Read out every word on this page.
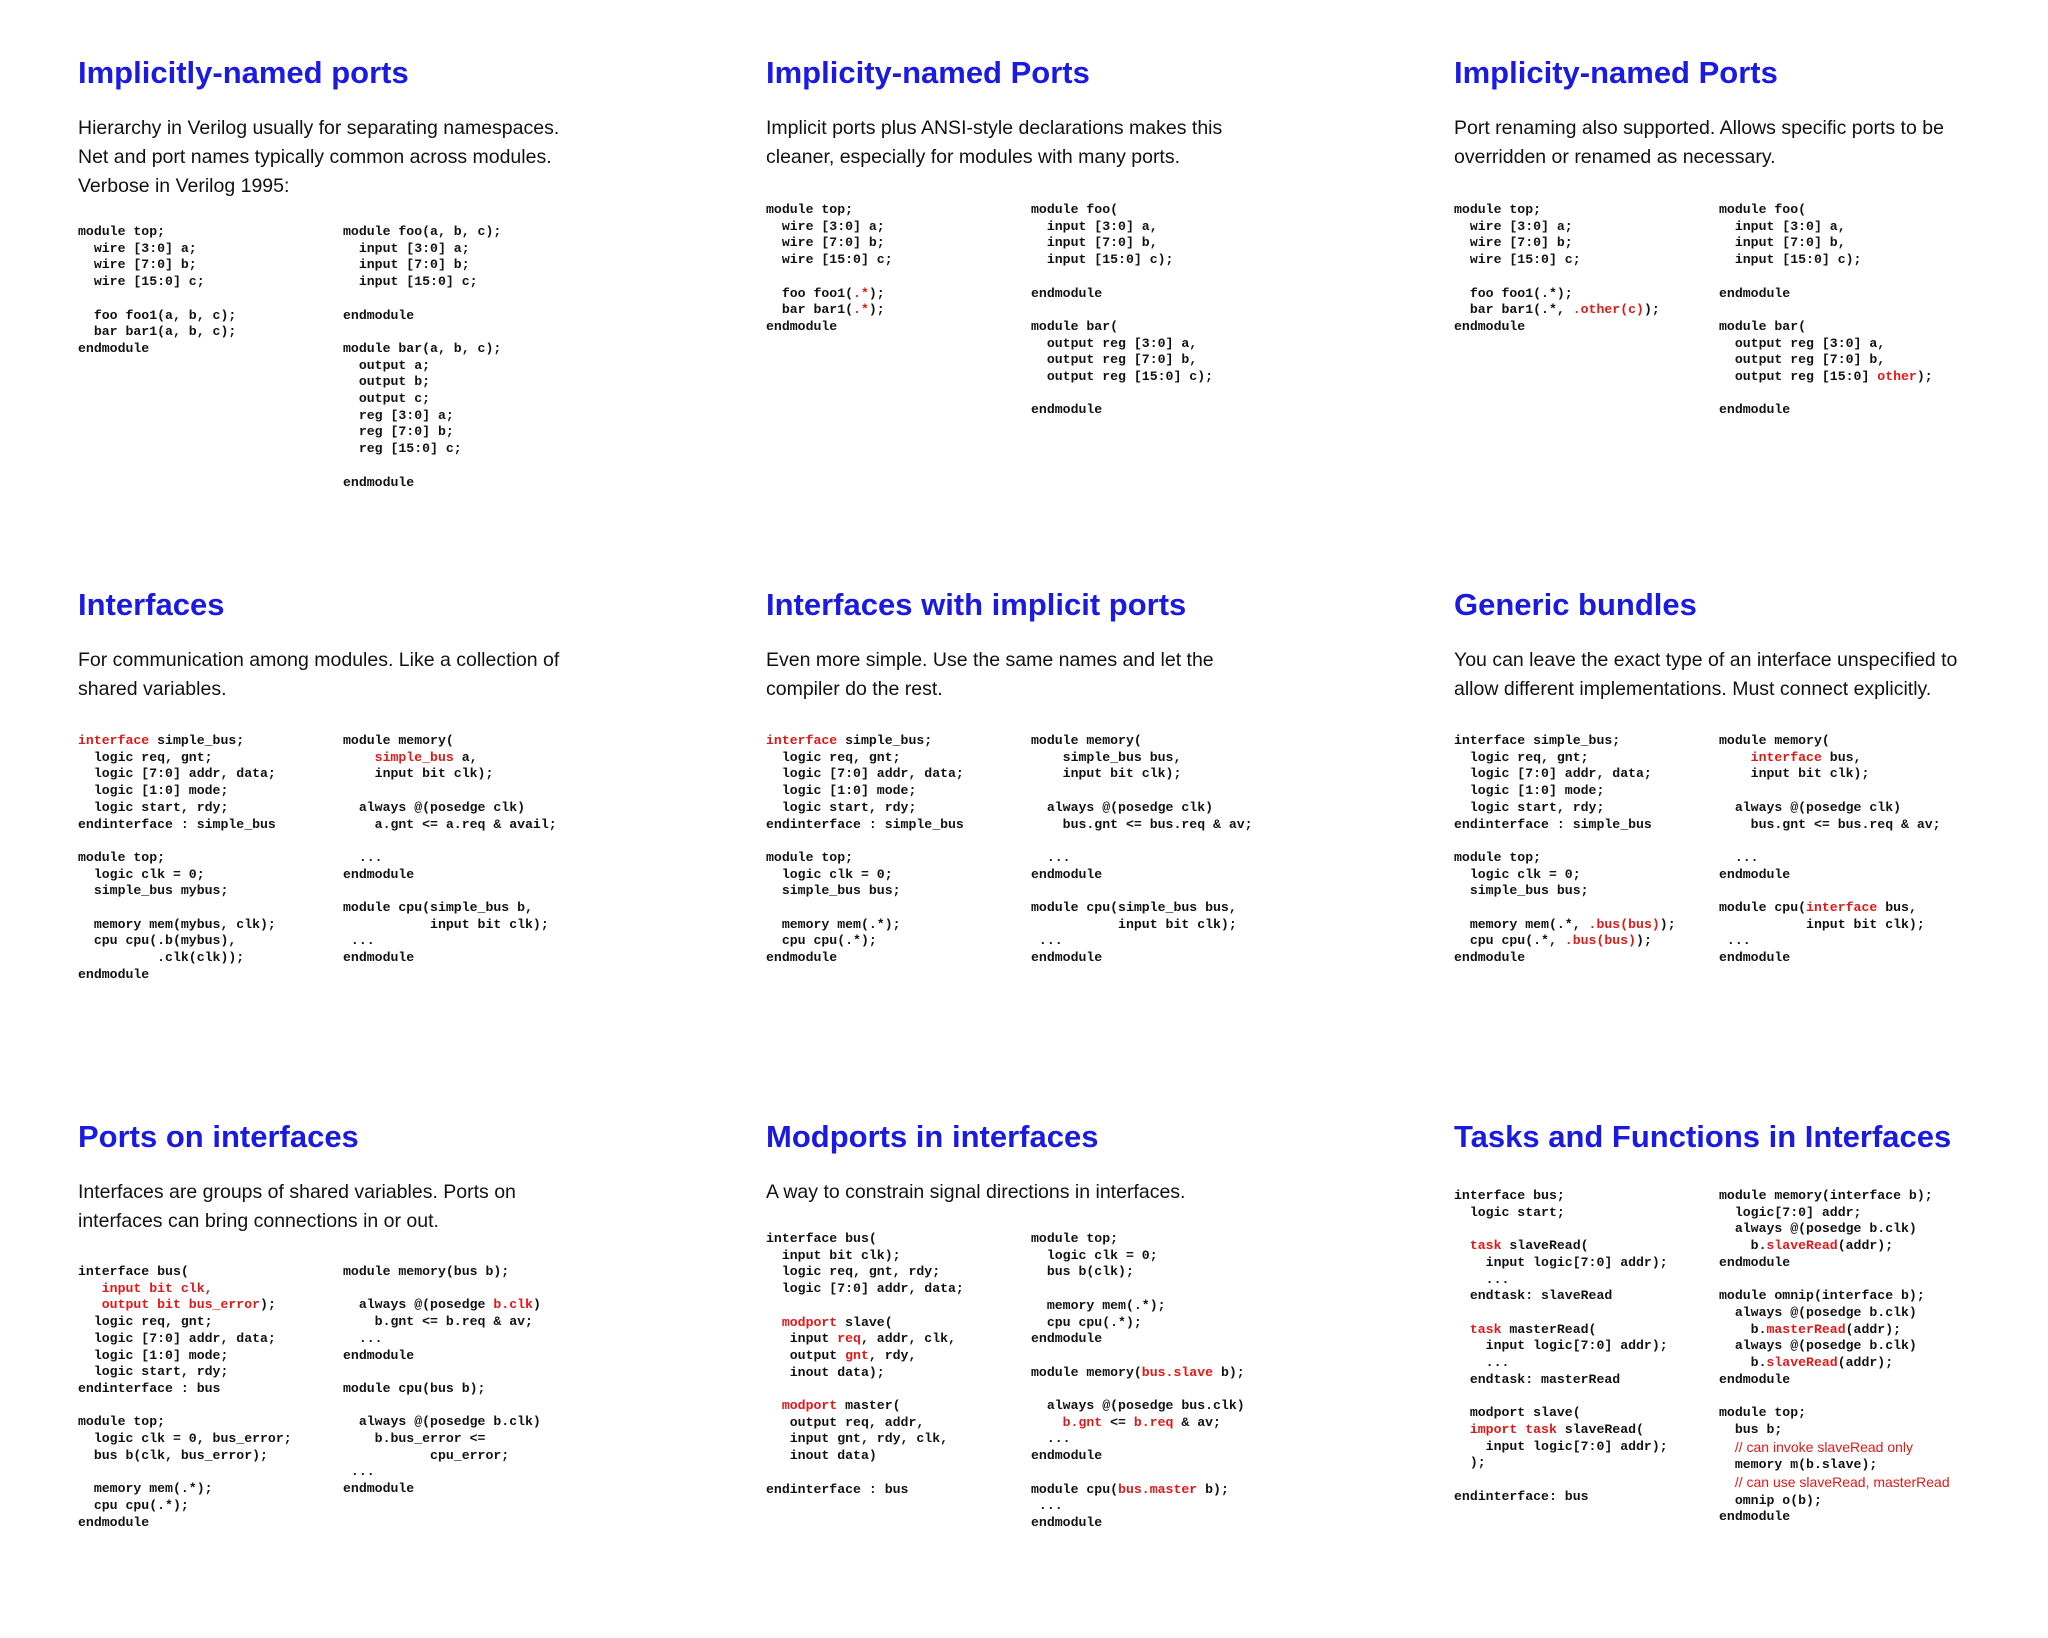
Implicitly-named ports

Hierarchy in Verilog usually for separating namespaces.
Net and port names typically common across modules.
Verbose in Verilog 1995:

module top;
wire [3:0] a;
wire [7:0] b;
wire [15:0] c;

foo foo1(a, b, c);
bar bar1(a, b, c);
endmodule
module foo(a, b, c);
input [3:0] a;
input [7:0] b;
input [15:0] c;

endmodule

module bar(a, b, c);
output a;
output b;
output c;
reg [3:0] a;
reg [7:0] b;
reg [15:0] c;

endmodule
Implicity-named Ports

Implicit ports plus ANSI-style declarations makes this
cleaner, especially for modules with many ports.

module top;
wire [3:0] a;
wire [7:0] b;
wire [15:0] c;

foo foo1(.*);
bar bar1(.*);
endmodule
module foo(
input [3:0] a,
input [7:0] b,
input [15:0] c);

endmodule

module bar(
output reg [3:0] a,
output reg [7:0] b,
output reg [15:0] c);

endmodule
Implicity-named Ports

Port renaming also supported. Allows specific ports to be
overridden or renamed as necessary.

module top;
wire [3:0] a;
wire [7:0] b;
wire [15:0] c;

foo foo1(.*);
bar bar1(.*, .other(c));
endmodule
module foo(
input [3:0] a,
input [7:0] b,
input [15:0] c);

endmodule

module bar(
output reg [3:0] a,
output reg [7:0] b,
output reg [15:0] other);

endmodule
Interfaces

For communication among modules. Like a collection of
shared variables.

interface simple_bus;
logic req, gnt;
logic [7:0] addr, data;
logic [1:0] mode;
logic start, rdy;
endinterface : simple_bus

module top;
logic clk = 0;
simple_bus mybus;

memory mem(mybus, clk);
cpu cpu(.b(mybus),
.clk(clk));
endmodule
module memory(
simple_bus a,
input bit clk);

always @(posedge clk)
a.gnt <= a.req & avail;

...
endmodule

module cpu(simple_bus b,
input bit clk);
...
endmodule
Interfaces with implicit ports

Even more simple. Use the same names and let the
compiler do the rest.

interface simple_bus;
logic req, gnt;
logic [7:0] addr, data;
logic [1:0] mode;
logic start, rdy;
endinterface : simple_bus

module top;
logic clk = 0;
simple_bus bus;

memory mem(.*);
cpu cpu(.*);
endmodule
module memory(
simple_bus bus,
input bit clk);

always @(posedge clk)
bus.gnt <= bus.req & av;

...
endmodule

module cpu(simple_bus bus,
input bit clk);
...
endmodule
Generic bundles

You can leave the exact type of an interface unspecified to
allow different implementations. Must connect explicitly.

interface simple_bus;
logic req, gnt;
logic [7:0] addr, data;
logic [1:0] mode;
logic start, rdy;
endinterface : simple_bus

module top;
logic clk = 0;
simple_bus bus;

memory mem(.*, .bus(bus));
cpu cpu(.*, .bus(bus));
endmodule
module memory(
interface bus,
input bit clk);

always @(posedge clk)
bus.gnt <= bus.req & av;

...
endmodule

module cpu(interface bus,
input bit clk);
...
endmodule
Ports on interfaces

Interfaces are groups of shared variables. Ports on
interfaces can bring connections in or out.

interface bus(
input bit clk,
output bit bus_error);
logic req, gnt;
logic [7:0] addr, data;
logic [1:0] mode;
logic start, rdy;
endinterface : bus

module top;
logic clk = 0, bus_error;
bus b(clk, bus_error);

memory mem(.*);
cpu cpu(.*);
endmodule
module memory(bus b);

always @(posedge b.clk)
b.gnt <= b.req & av;
...
endmodule

module cpu(bus b);

always @(posedge b.clk)
b.bus_error <=
cpu_error;
...
endmodule
Modports in interfaces

A way to constrain signal directions in interfaces.

interface bus(
input bit clk);
logic req, gnt, rdy;
logic [7:0] addr, data;

modport slave(
input req, addr, clk,
output gnt, rdy,
inout data);

modport master(
output req, addr,
input gnt, rdy, clk,
inout data)

endinterface : bus
module top;
logic clk = 0;
bus b(clk);

memory mem(.*);
cpu cpu(.*);
endmodule

module memory(bus.slave b);

always @(posedge bus.clk)
b.gnt <= b.req & av;
...
endmodule

module cpu(bus.master b);
...
endmodule
Tasks and Functions in Interfaces
interface bus;
logic start;

task slaveRead(
input logic[7:0] addr);
...
endtask: slaveRead

task masterRead(
input logic[7:0] addr);
...
endtask: masterRead

modport slave(
import task slaveRead(
input logic[7:0] addr);
);

endinterface: bus
module memory(interface b);
logic[7:0] addr;
always @(posedge b.clk)
b.slaveRead(addr);
endmodule

module omnip(interface b);
always @(posedge b.clk)
b.masterRead(addr);
always @(posedge b.clk)
b.slaveRead(addr);
endmodule

module top;
bus b;
// can invoke slaveRead only
memory m(b.slave);
// can use slaveRead, masterRead
omnip o(b);
endmodule
